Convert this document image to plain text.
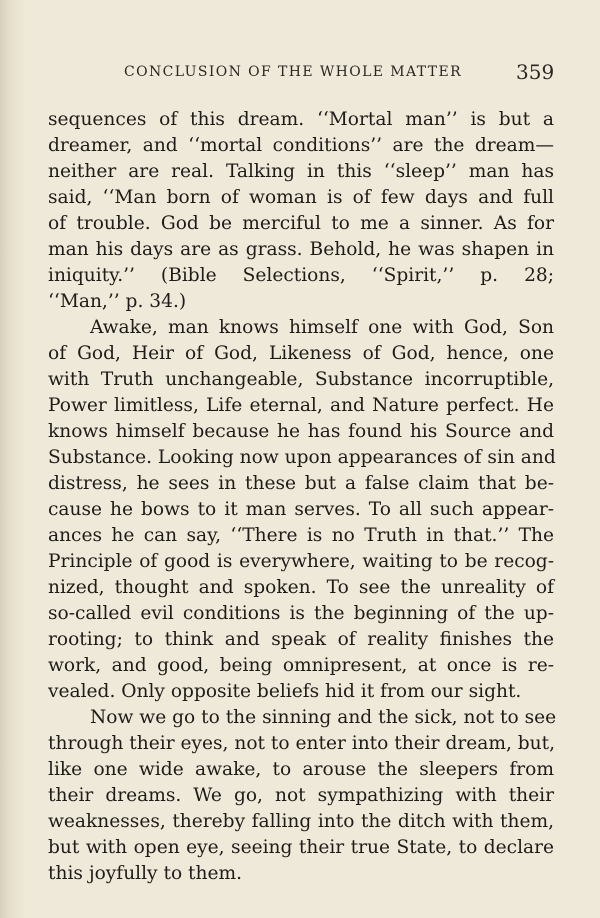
CONCLUSION OF THE WHOLE MATTER	359
sequences of this dream. ‘‘Mortal man’’ is but a
dreamer, and ‘‘mortal conditions’’ are the dream—
neither are real. Talking in this ‘‘sleep’’ man has
said, ‘‘Man born of woman is of few days and full
of trouble. God be merciful to me a sinner. As for
man his days are as grass. Behold, he was shapen in
iniquity.’’ (Bible Selections, ‘‘Spirit,’’ p. 28;
‘‘Man,’’ p. 34.)
Awake, man knows himself one with God, Son
of God, Heir of God, Likeness of God, hence, one
with Truth unchangeable, Substance incorruptible,
Power limitless, Life eternal, and Nature perfect. He
knows himself because he has found his Source and
Substance. Looking now upon appearances of sin and
distress, he sees in these but a false claim that be-
cause he bows to it man serves. To all such appear-
ances he can say, ‘‘There is no Truth in that.’’ The
Principle of good is everywhere, waiting to be recog-
nized, thought and spoken. To see the unreality of
so-called evil conditions is the beginning of the up-
rooting; to think and speak of reality finishes the
work, and good, being omnipresent, at once is re-
vealed. Only opposite beliefs hid it from our sight.
Now we go to the sinning and the sick, not to see
through their eyes, not to enter into their dream, but,
like one wide awake, to arouse the sleepers from
their dreams. We go, not sympathizing with their
weaknesses, thereby falling into the ditch with them,
but with open eye, seeing their true State, to declare
this joyfully to them.
